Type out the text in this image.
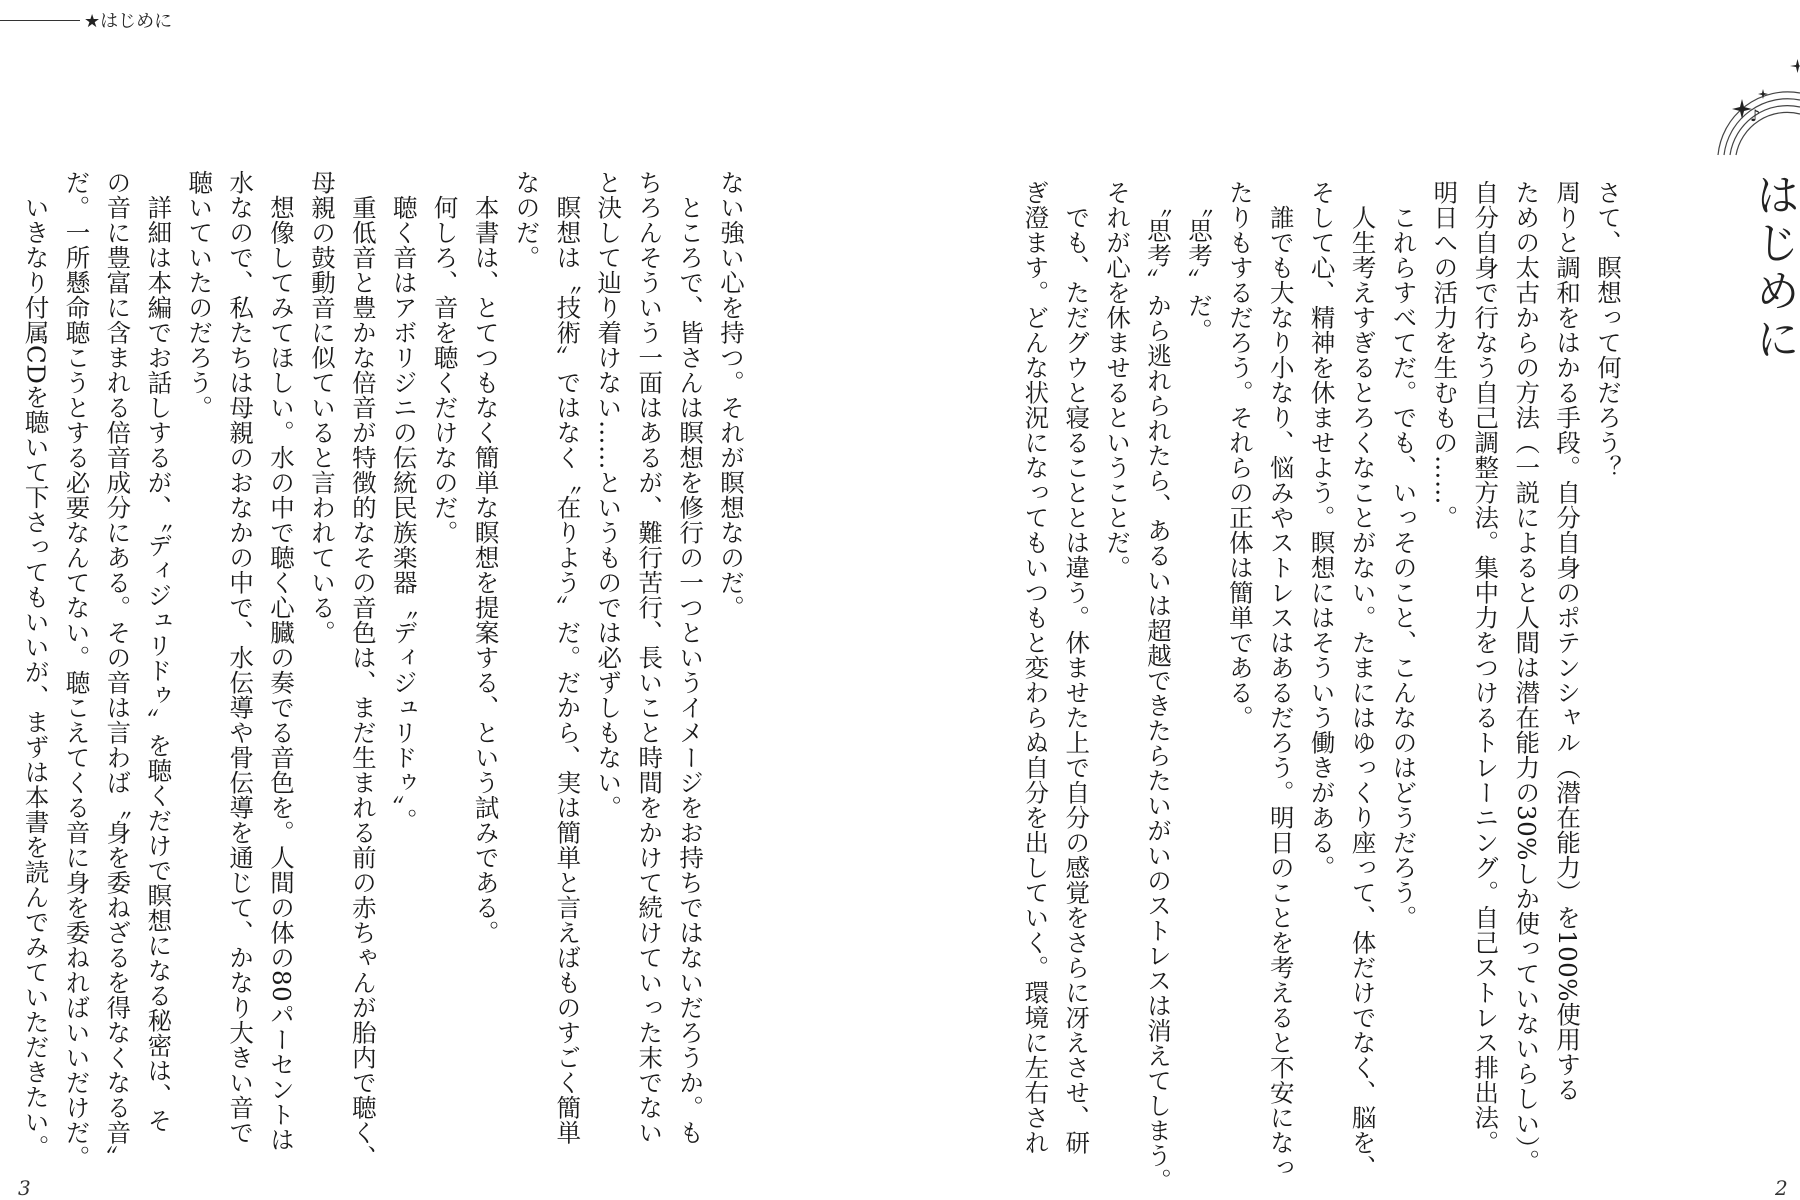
★はじめに
♪
はじめに

さて、瞑想って何だろう？

周りと調和をはかる手段。自分自身のポテンシャル（潜在能力）を100%使用する

ための太古からの方法（一説によると人間は潜在能力の30%しか使っていないらしい）。

自分自身で行なう自己調整方法。集中力をつけるトレーニング。自己ストレス排出法。

明日への活力を生むもの……。

　これらすべてだ。でも、いっそのこと、こんなのはどうだろう。

　人生考えすぎるとろくなことがない。たまにはゆっくり座って、体だけでなく、脳を、

そして心、精神を休ませよう。瞑想にはそういう働きがある。

　誰でも大なり小なり、悩みやストレスはあるだろう。明日のことを考えると不安になっ

たりもするだろう。それらの正体は簡単である。

　〝思考〟だ。

　〝思考〟から逃れられたら、あるいは超越できたらたいがいのストレスは消えてしまう。

それが心を休ませるということだ。

　でも、ただグウと寝ることとは違う。休ませた上で自分の感覚をさらに冴えさせ、研

ぎ澄ます。どんな状況になってもいつもと変わらぬ自分を出していく。環境に左右され

ない強い心を持つ。それが瞑想なのだ。

　ところで、皆さんは瞑想を修行の一つというイメージをお持ちではないだろうか。も

ちろんそういう一面はあるが、難行苦行、長いこと時間をかけて続けていった末でない

と決して辿り着けない……というものでは必ずしもない。

　瞑想は〝技術〟ではなく〝在りよう〟だ。だから、実は簡単と言えばものすごく簡単

なのだ。

　本書は、とてつもなく簡単な瞑想を提案する、という試みである。

　何しろ、音を聴くだけなのだ。

　聴く音はアボリジニの伝統民族楽器〝ディジュリドゥ〟。

　重低音と豊かな倍音が特徴的なその音色は、まだ生まれる前の赤ちゃんが胎内で聴く、

母親の鼓動音に似ていると言われている。

　想像してみてほしい。水の中で聴く心臓の奏でる音色を。人間の体の80パーセントは

水なので、私たちは母親のおなかの中で、水伝導や骨伝導を通じて、かなり大きい音で

聴いていたのだろう。

　詳細は本編でお話しするが、〝ディジュリドゥ〟を聴くだけで瞑想になる秘密は、そ

の音に豊富に含まれる倍音成分にある。その音は言わば〝身を委ねざるを得なくなる音〟

だ。一所懸命聴こうとする必要なんてない。聴こえてくる音に身を委ねればいいだけだ。

　いきなり付属CDを聴いて下さってもいいが、まずは本書を読んでみていただきたい。

3	2
